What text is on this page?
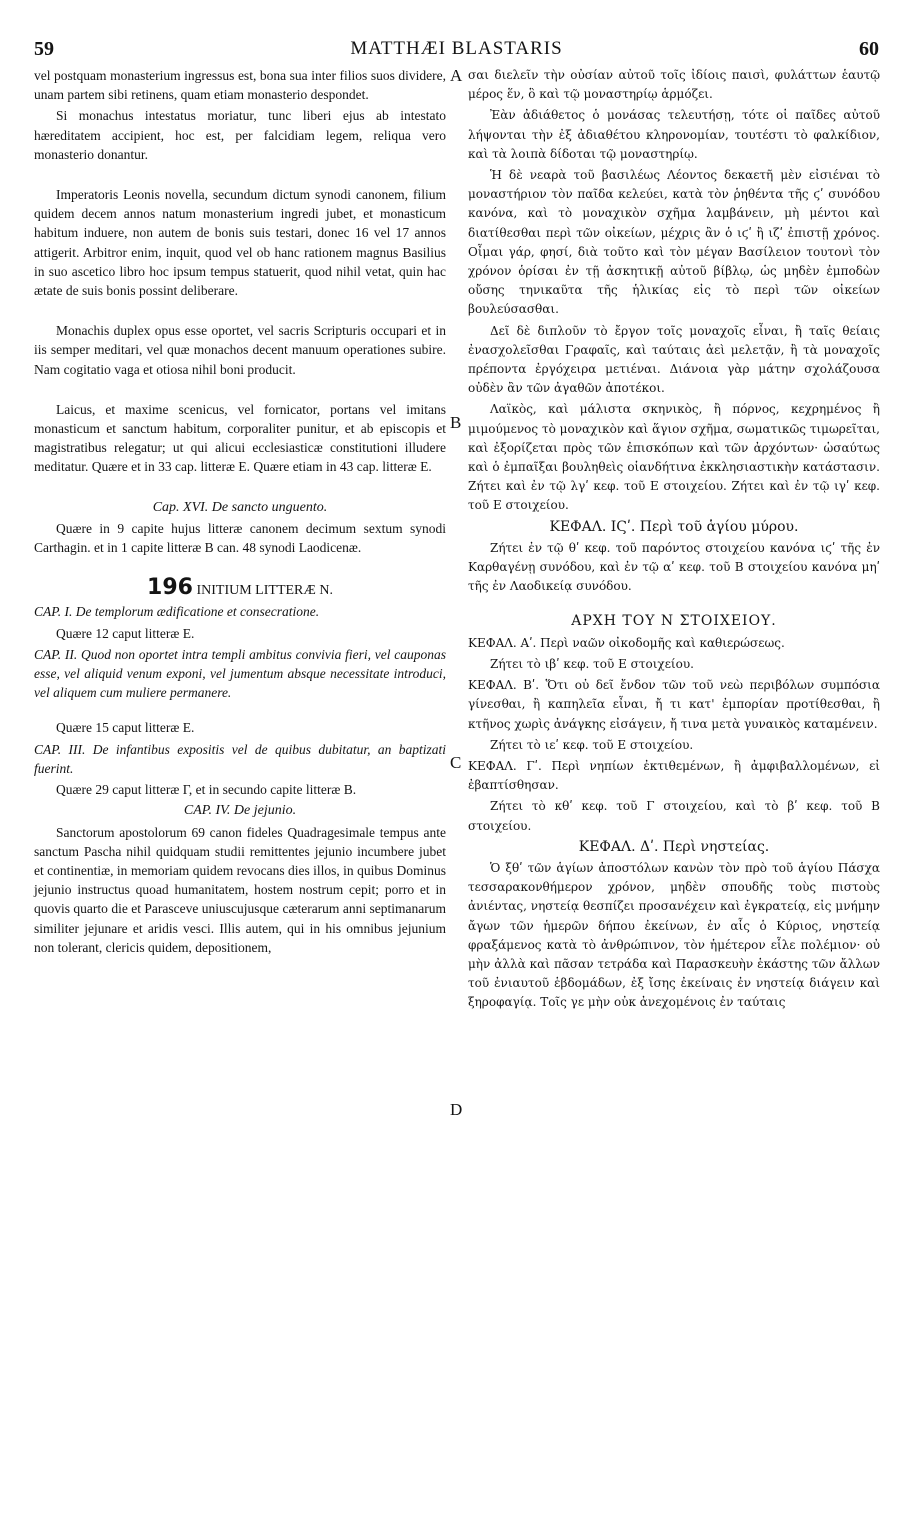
59	MATTHÆI BLASTARIS	60
A
B
C
D

vel postquam monasterium ingressus est, bona sua inter filios suos dividere, unam partem sibi retinens, quam etiam monasterio despondet.

Si monachus intestatus moriatur, tunc liberi ejus ab intestato hæreditatem accipient, hoc est, per falcidiam legem, reliqua vero monasterio donantur.

Imperatoris Leonis novella, secundum dictum synodi canonem, filium quidem decem annos natum monasterium ingredi jubet, et monasticum habitum induere, non autem de bonis suis testari, donec 16 vel 17 annos attigerit. Arbitror enim, inquit, quod vel ob hanc rationem magnus Basilius in suo ascetico libro hoc ipsum tempus statuerit, quod nihil vetat, quin hac ætate de suis bonis possint deliberare.

Monachis duplex opus esse oportet, vel sacris Scripturis occupari et in iis semper meditari, vel quæ monachos decent manuum operationes subire. Nam cogitatio vaga et otiosa nihil boni producit.

Laicus, et maxime scenicus, vel fornicator, portans vel imitans monasticum et sanctum habitum, corporaliter punitur, et ab episcopis et magistratibus relegatur; ut qui alicui ecclesiasticæ constitutioni illudere meditatur. Quære et in 33 cap. litteræ E. Quære etiam in 43 cap. litteræ E.

Cap. XVI. De sancto unguento.

Quære in 9 capite hujus litteræ canonem decimum sextum synodi Carthagin. et in 1 capite litteræ B can. 48 synodi Laodicenæ.

196 INITIUM LITTERÆ N.

CAP. I. De templorum ædificatione et consecratione.

Quære 12 caput litteræ E.

CAP. II. Quod non oportet intra templi ambitus convivia fieri, vel cauponas esse, vel aliquid venum exponi, vel jumentum absque necessitate introduci, vel aliquem cum muliere permanere.

Quære 15 caput litteræ E.

CAP. III. De infantibus expositis vel de quibus dubitatur, an baptizati fuerint.

Quære 29 caput litteræ Γ, et in secundo capite litteræ B.

CAP. IV. De jejunio.

Sanctorum apostolorum 69 canon fideles Quadragesimale tempus ante sanctum Pascha nihil quidquam studii remittentes jejunio incumbere jubet et continentiæ, in memoriam quidem revocans dies illos, in quibus Dominus jejunio instructus quoad humanitatem, hostem nostrum cepit; porro et in quovis quarto die et Parasceve uniuscujusque cæterarum anni septimanarum similiter jejunare et aridis vesci. Illis autem, qui in his omnibus jejunium non tolerant, clericis quidem, depositionem,

σαι διελεῖν τὴν οὐσίαν αὐτοῦ τοῖς ἰδίοις παισὶ, φυλάττων ἑαυτῷ μέρος ἕν, ὃ καὶ τῷ μοναστηρίῳ ἁρμόζει.

Ἐὰν ἀδιάθετος ὁ μονάσας τελευτήσῃ, τότε οἱ παῖδες αὐτοῦ λήψονται τὴν ἐξ ἀδιαθέτου κληρονομίαν, τουτέστι τὸ φαλκίδιον, καὶ τὰ λοιπὰ δίδοται τῷ μοναστηρίῳ.

Ἡ δὲ νεαρὰ τοῦ βασιλέως Λέοντος δεκαετῆ μὲν εἰσιέναι τὸ μοναστήριον τὸν παῖδα κελεύει, κατὰ τὸν ῥηθέντα τῆς ϛʹ συνόδου κανόνα, καὶ τὸ μοναχικὸν σχῆμα λαμβάνειν, μὴ μέντοι καὶ διατίθεσθαι περὶ τῶν οἰκείων, μέχρις ἂν ὁ ιϛʹ ἢ ιζʹ ἐπιστῇ χρόνος. Οἶμαι γάρ, φησί, διὰ τοῦτο καὶ τὸν μέγαν Βασίλειον τουτονὶ τὸν χρόνον ὁρίσαι ἐν τῇ ἀσκητικῇ αὐτοῦ βίβλῳ, ὡς μηδὲν ἐμποδὼν οὔσης τηνικαῦτα τῆς ἡλικίας εἰς τὸ περὶ τῶν οἰκείων βουλεύσασθαι.

Δεῖ δὲ διπλοῦν τὸ ἔργον τοῖς μοναχοῖς εἶναι, ἢ ταῖς θείαις ἐνασχολεῖσθαι Γραφαῖς, καὶ ταύταις ἀεὶ μελετᾷν, ἢ τὰ μοναχοῖς πρέποντα ἐργόχειρα μετιέναι. Διάνοια γὰρ μάτην σχολάζουσα οὐδὲν ἂν τῶν ἀγαθῶν ἀποτέκοι.

Λαϊκὸς, καὶ μάλιστα σκηνικὸς, ἢ πόρνος, κεχρημένος ἢ μιμούμενος τὸ μοναχικὸν καὶ ἅγιον σχῆμα, σωματικῶς τιμωρεῖται, καὶ ἐξορίζεται πρὸς τῶν ἐπισκόπων καὶ τῶν ἀρχόντων· ὡσαύτως καὶ ὁ ἐμπαῖξαι βουληθεὶς οἱανδήτινα ἐκκλησιαστικὴν κατάστασιν. Ζήτει καὶ ἐν τῷ λγʹ κεφ. τοῦ Ε στοιχείου. Ζήτει καὶ ἐν τῷ ιγʹ κεφ. τοῦ Ε στοιχείου.

ΚΕΦΑΛ. ΙϚʹ. Περὶ τοῦ ἁγίου μύρου.

Ζήτει ἐν τῷ θʹ κεφ. τοῦ παρόντος στοιχείου κανόνα ιϛʹ τῆς ἐν Καρθαγένῃ συνόδου, καὶ ἐν τῷ αʹ κεφ. τοῦ Β στοιχείου κανόνα μηʹ τῆς ἐν Λαοδικείᾳ συνόδου.

ΑΡΧΗ ΤΟΥ Ν ΣΤΟΙΧΕΙΟΥ.

ΚΕΦΑΛ. Αʹ. Περὶ ναῶν οἰκοδομῆς καὶ καθιερώσεως.

Ζήτει τὸ ιβʹ κεφ. τοῦ Ε στοιχείου.

ΚΕΦΑΛ. Βʹ. Ὅτι οὐ δεῖ ἔνδον τῶν τοῦ νεὼ περιβόλων συμπόσια γίνεσθαι, ἢ καπηλεῖα εἶναι, ἤ τι κατ' ἐμπορίαν προτίθεσθαι, ἢ κτῆνος χωρὶς ἀνάγκης εἰσάγειν, ἤ τινα μετὰ γυναικὸς καταμένειν.

Ζήτει τὸ ιεʹ κεφ. τοῦ Ε στοιχείου.

ΚΕΦΑΛ. Γʹ. Περὶ νηπίων ἐκτιθεμένων, ἢ ἀμφιβαλλομένων, εἰ ἐβαπτίσθησαν.

Ζήτει τὸ κθʹ κεφ. τοῦ Γ στοιχείου, καὶ τὸ βʹ κεφ. τοῦ Β στοιχείου.

ΚΕΦΑΛ. Δʹ. Περὶ νηστείας.

Ὁ ξθʹ τῶν ἁγίων ἀποστόλων κανὼν τὸν πρὸ τοῦ ἁγίου Πάσχα τεσσαρακονθήμερον χρόνον, μηδὲν σπουδῆς τοὺς πιστοὺς ἀνιέντας, νηστείᾳ θεσπίζει προσανέχειν καὶ ἐγκρατείᾳ, εἰς μνήμην ἄγων τῶν ἡμερῶν δήπου ἐκείνων, ἐν αἷς ὁ Κύριος, νηστείᾳ φραξάμενος κατὰ τὸ ἀνθρώπινον, τὸν ἡμέτερον εἷλε πολέμιον· οὐ μὴν ἀλλὰ καὶ πᾶσαν τετράδα καὶ Παρασκευὴν ἑκάστης τῶν ἄλλων τοῦ ἐνιαυτοῦ ἑβδομάδων, ἐξ ἴσης ἐκείναις ἐν νηστείᾳ διάγειν καὶ ξηροφαγίᾳ. Τοῖς γε μὴν οὐκ ἀνεχομένοις ἐν ταύταις
